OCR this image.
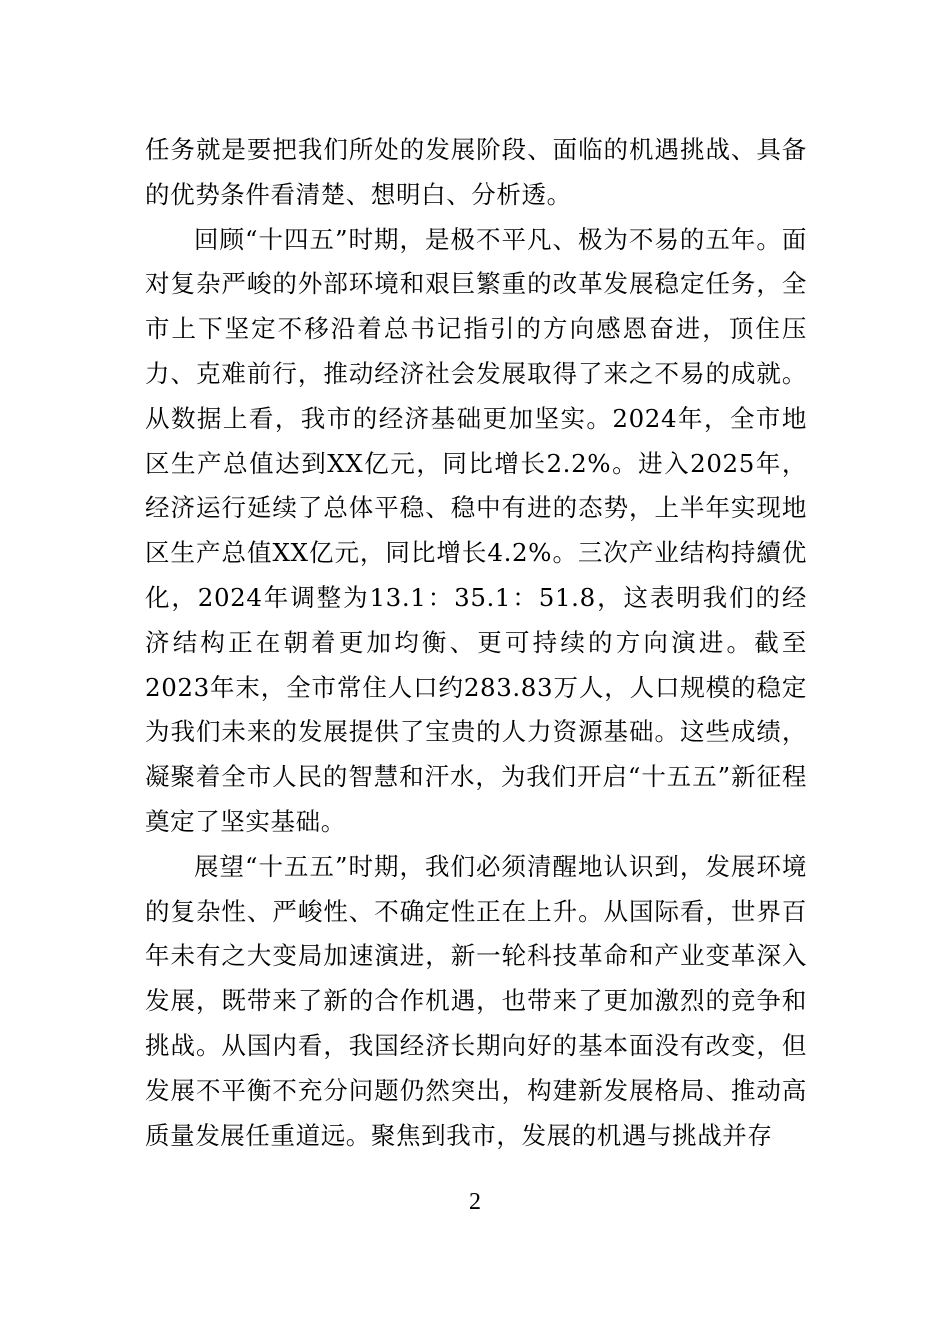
任务就是要把我们所处的发展阶段、面临的机遇挑战、具备的优势条件看清楚、想明白、分析透。

回顾“十四五”时期，是极不平凡、极为不易的五年。面对复杂严峻的外部环境和艰巨繁重的改革发展稳定任务，全市上下坚定不移沿着总书记指引的方向感恩奋进，顶住压力、克难前行，推动经济社会发展取得了来之不易的成就。从数据上看，我市的经济基础更加坚实。2024年，全市地区生产总值达到XX亿元，同比增长2.2%。进入2025年，经济运行延续了总体平稳、稳中有进的态势，上半年实现地区生产总值XX亿元，同比增长4.2%。三次产业结构持續优化，2024年调整为13.1：35.1：51.8，这表明我们的经济结构正在朝着更加均衡、更可持续的方向演进。截至2023年末，全市常住人口约283.83万人，人口规模的稳定为我们未来的发展提供了宝贵的人力资源基础。这些成绩，凝聚着全市人民的智慧和汗水，为我们开启“十五五”新征程奠定了坚实基础。

展望“十五五”时期，我们必须清醒地认识到，发展环境的复杂性、严峻性、不确定性正在上升。从国际看，世界百年未有之大变局加速演进，新一轮科技革命和产业变革深入发展，既带来了新的合作机遇，也带来了更加激烈的竞争和挑战。从国内看，我国经济长期向好的基本面没有改变，但发展不平衡不充分问题仍然突出，构建新发展格局、推动高质量发展任重道远。聚焦到我市，发展的机遇与挑战并存

2
